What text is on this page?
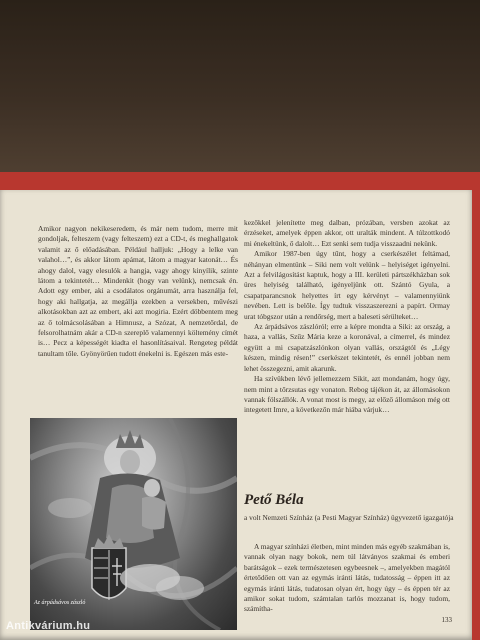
Amikor nagyon nekikeseredem, és már nem tudom, merre mit gondoljak, felteszem (vagy felteszem) ezt a CD-t, és meghallgatok valamit az ő előadásában. Például halljuk: „Hogy a lelke van valahol…”, és akkor látom apámat, látom a magyar katonát… És ahogy dalol, vagy elesulók a hangja, vagy ahogy kinyílik, szinte látom a tekintetét… Mindenkit (hogy van velünk), nemcsak én. Adott egy ember, aki a csodálatos orgánumát, arra használja fel, hogy aki hallgatja, az megállja ezekben a versekben, művészi alkotásokban azt az embert, aki azt mogiria. Ezért döbbentem meg az ő tolmácsolásában a Himnusz, a Szózat, A nemzetőrdal, de felsorolhatnám akár a CD-n szereplő valamennyi költemény címét is… Pecz a képességét kiadta el hasonlításaival. Rengeteg példát tanultam tőle. Gyönyörűen tudott énekelni is. Egészen más este-

kezőkkel jelenítette meg dalban, prózában, versben azokat az érzéseket, amelyek éppen akkor, ott uralták mindent. A túlzottkodó mi énekeltünk, ő dalolt… Ezt senki sem tudja visszaadni nekünk.

Amikor 1987-ben úgy tűnt, hogy a cserkészélet feltámad, néhányan elmentünk – Siki nem volt velünk – helyiséget igényelni. Azt a felvilágosítást kaptuk, hogy a III. kerületi pártszékházban sok üres helyiség található, igényeljünk ott. Szántó Gyula, a csapatparancsnok helyettes írt egy kérvényt – valamennyiünk nevében. Lett is belőle. Így tudtuk visszaszerezni a papírt. Ormay urat tóbgszor után a rendőrség, mert a baleseti sérülteket…

Az árpádsávos zászlóról; erre a képre mondta a Siki: az ország, a haza, a vallás, Szűz Mária keze a koronával, a címerrel, és mindez együtt a mi csapatzászlónkon olyan vallás, országtól és „Légy készen, mindig résen!” cserkészet tekintetét, és ennél jobban nem lehet összegezni, amit akarunk.

Ha szívükben lévő jellemezzem Sikit, azt mondanám, hogy úgy, nem mint a tőrzsutas egy vonaton. Rebog tájékon át, az állomásokon vannak fölszállók. A vonat most is megy, az előző állomáson még ott integetett Imre, a következőn már hiába várjuk…

Az árpádsávos zászló
Pető Béla
a volt Nemzeti Színház (a Pesti Magyar Színház) ügyvezető igazgatója

A magyar színházi életben, mint minden más egyéb szakmában is, vannak olyan nagy bokok, nem túl látványos szakmai és emberi barátságok – ezek természetesen egybeesnek –, amelyekben magától értetődően ott van az egymás iránti látás, tudatosság – éppen itt az egymás iránti látás, tudatosan olyan ért, hogy úgy – és éppen tér az amikor sokat tudom, számtalan tarlós mozzanat is, hogy tudom, számítha-

133
Antikvárium.hu
